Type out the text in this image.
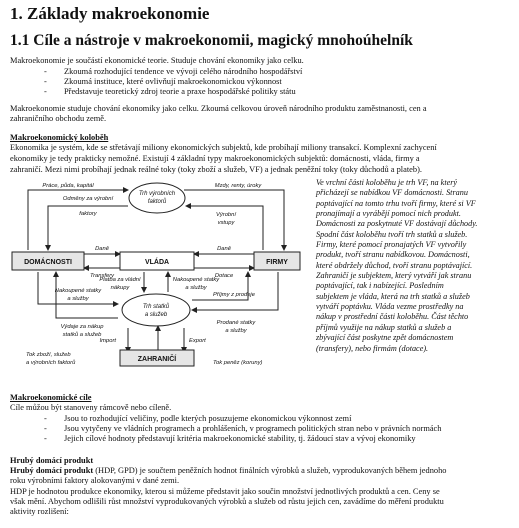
1. Základy makroekonomie
1.1 Cíle a nástroje v makroekonomii, magický mnohoúhelník
Makroekonomie je součástí ekonomické teorie. Studuje chování ekonomiky jako celku.
- Zkoumá rozhodující tendence ve vývoji celého národního hospodářství
- Zkoumá instituce, které ovlivňují makroekonomickou výkonnost
- Představuje teoretický zdroj teorie a praxe hospodářské politiky státu
Makroekonomie studuje chování ekonomiky jako celku. Zkoumá celkovou úroveň národního produktu zaměstnanosti, cen a
zahraničního obchodu země.
Makroekonomický koloběh
Ekonomika je systém, kde se střetávají miliony ekonomických subjektů, kde probíhají miliony transakcí. Komplexní zachycení
ekonomiky je tedy prakticky nemožné. Existují 4 základní typy makroekonomických subjektů: domácnosti, vláda, firmy a
zahraničí. Mezi nimi probíhají jednak reálné toky (toky zboží a služeb, VF) a jednak peněžní toky (toky důchodů a plateb).
DOMÁCNOSTI	VLÁDA	FIRMY
ZAHRANIČÍ
Trh výrobních
faktorů
Trh statků
a služeb
Práce, půda, kapitál
Odměny za výrobní
faktory
Mzdy, renty, úroky
Výrobní
vstupy
Daně
Transfery
Daně
Dotace
Platba za vládní
nákupy
Nakoupené statky
a služby
Nakoupené statky
a služby
Příjmy z prodeje
Výdaje za nákup
statků a služeb
Prodané statky
a služby
Import	Export
Tok zboží, služeb
a výrobních faktorů	Tok peněz (koruny)
Ve vrchní části koloběhu je trh VF, na který
přicházejí se nabídkou VF domácnosti. Stranu
poptávající na tomto trhu tvoří firmy, které si VF
pronajímají a vyrábějí pomocí nich produkt.
Domácnosti za poskytnuté VF dostávají důchody.
Spodní část koloběhu tvoří trh statků a služeb.
Firmy, které pomocí pronajatých VF vytvořily
produkt, tvoří stranu nabídkovou. Domácnosti,
které obdržely důchod, tvoří stranu poptávající.
Zahraničí je subjektem, který vytváří jak stranu
poptávající, tak i nabízející. Posledním
subjektem je vláda, která na trh statků a služeb
vytváří poptávku. Vláda vezme prostředky na
nákup v prostřední části koloběhu. Část těchto
příjmů využije na nákup statků a služeb a
zbývající část poskytne zpět domácnostem
(transfery), nebo firmám (dotace).
Makroekonomické cíle
Cíle můžou být stanoveny rámcově nebo cíleně.
- Jsou to rozhodující veličiny, podle kterých posuzujeme ekonomickou výkonnost zemí
- Jsou vytyčeny ve vládních programech a prohlášeních, v programech politických stran nebo v právních normách
- Jejich cílové hodnoty představují kritéria makroekonomické stability, tj. žádoucí stav a vývoj ekonomiky
Hrubý domácí produkt
Hrubý domácí produkt (HDP, GPD) je součtem peněžních hodnot finálních výrobků a služeb, vyprodukovaných během jednoho
roku výrobními faktory alokovanými v dané zemi.
HDP je hodnotou produkce ekonomiky, kterou si můžeme představit jako součin množství jednotlivých produktů a cen. Ceny se
však mění. Abychom odlišili růst množství vyprodukovaných výrobků a služeb od růstu jejich cen, zavádíme do měření produktu
aktivity rozlišení:
